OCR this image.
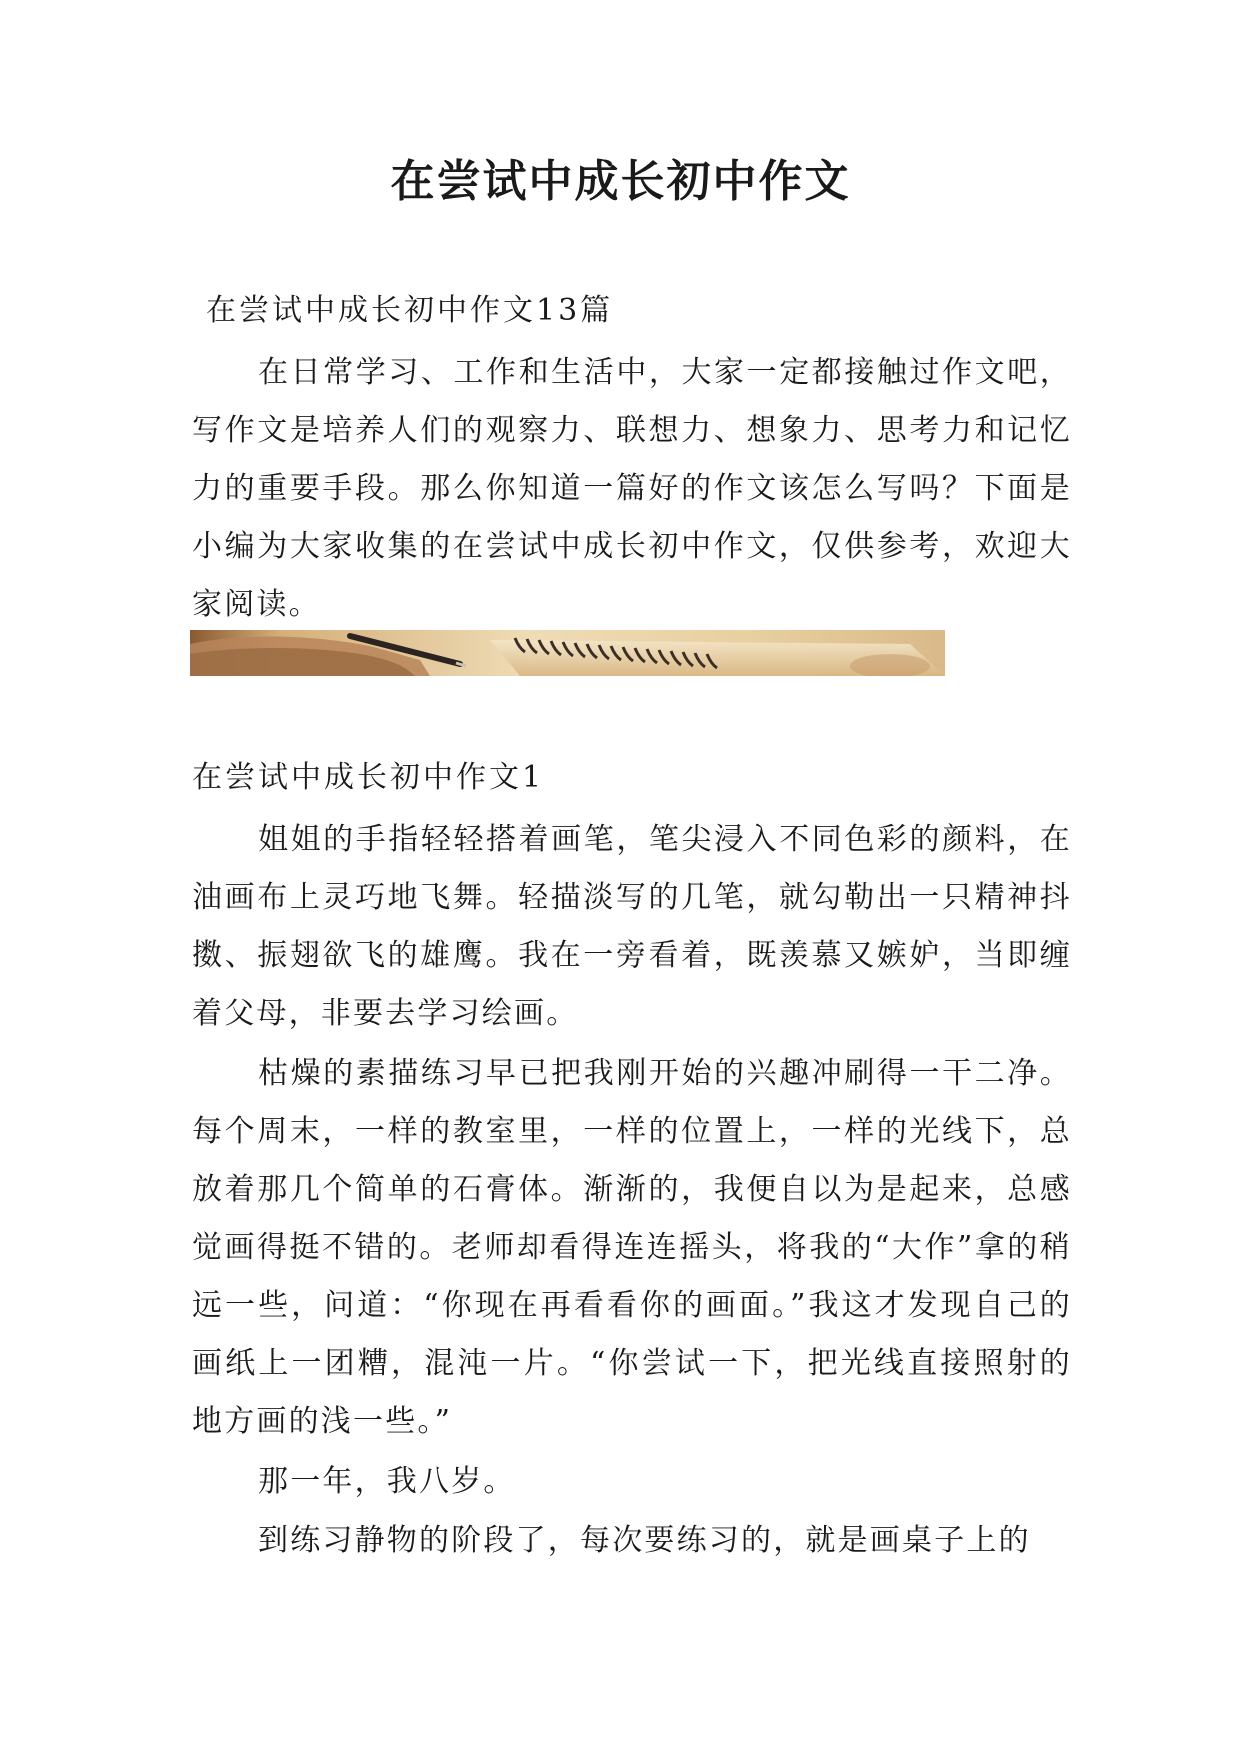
在尝试中成长初中作文

在尝试中成长初中作文13篇

在日常学习、工作和生活中，大家一定都接触过作文吧，写作文是培养人们的观察力、联想力、想象力、思考力和记忆力的重要手段。那么你知道一篇好的作文该怎么写吗？下面是小编为大家收集的在尝试中成长初中作文，仅供参考，欢迎大家阅读。

在尝试中成长初中作文1

姐姐的手指轻轻搭着画笔，笔尖浸入不同色彩的颜料，在油画布上灵巧地飞舞。轻描淡写的几笔，就勾勒出一只精神抖擞、振翅欲飞的雄鹰。我在一旁看着，既羡慕又嫉妒，当即缠着父母，非要去学习绘画。

枯燥的素描练习早已把我刚开始的兴趣冲刷得一干二净。每个周末，一样的教室里，一样的位置上，一样的光线下，总放着那几个简单的石膏体。渐渐的，我便自以为是起来，总感觉画得挺不错的。老师却看得连连摇头，将我的“大作”拿的稍远一些，问道：“你现在再看看你的画面。”我这才发现自己的画纸上一团糟，混沌一片。“你尝试一下，把光线直接照射的地方画的浅一些。”

那一年，我八岁。

到练习静物的阶段了，每次要练习的，就是画桌子上的
